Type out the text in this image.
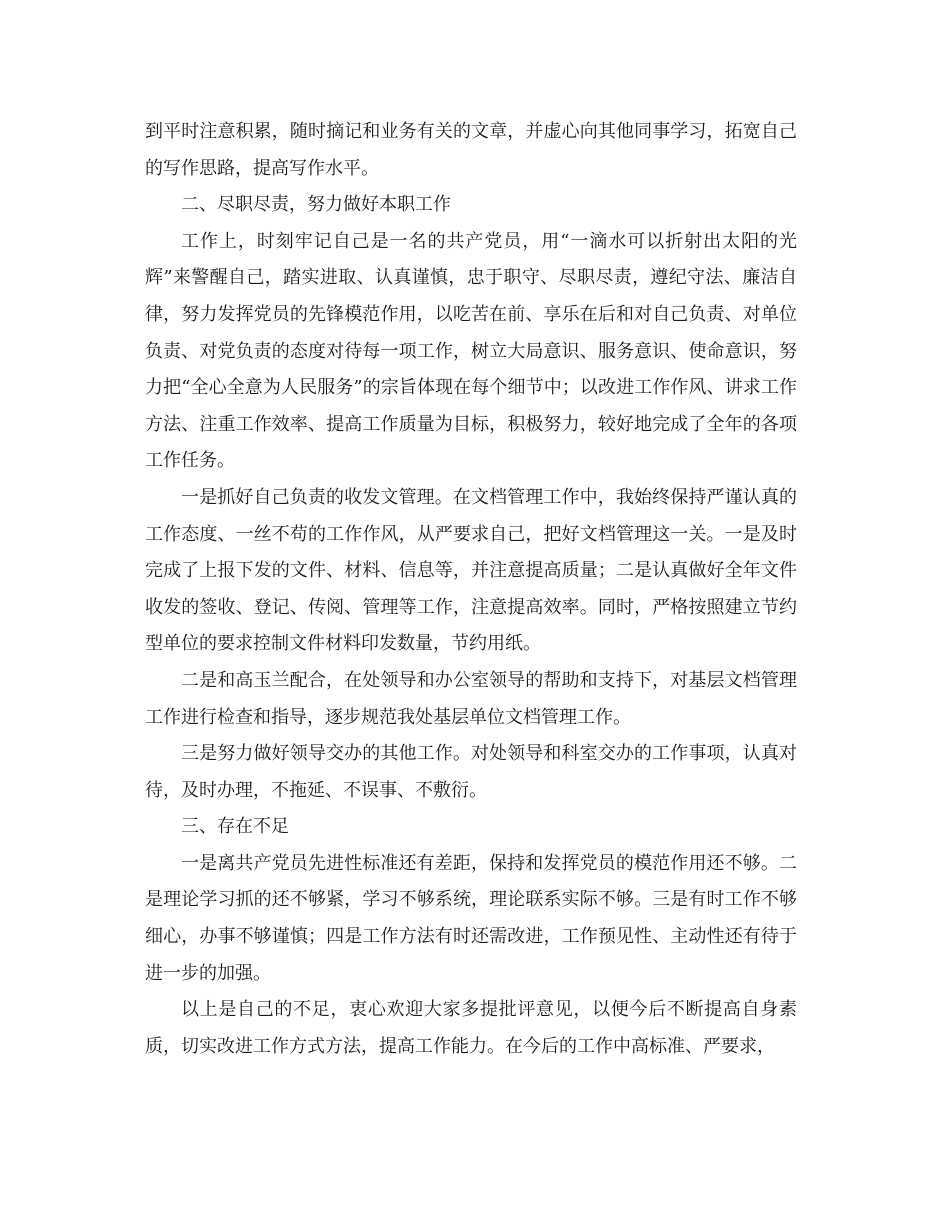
到平时注意积累，随时摘记和业务有关的文章，并虚心向其他同事学习，拓宽自己的写作思路，提高写作水平。

二、尽职尽责，努力做好本职工作

工作上，时刻牢记自己是一名的共产党员，用“一滴水可以折射出太阳的光辉”来警醒自己，踏实进取、认真谨慎，忠于职守、尽职尽责，遵纪守法、廉洁自律，努力发挥党员的先锋模范作用，以吃苦在前、享乐在后和对自己负责、对单位负责、对党负责的态度对待每一项工作，树立大局意识、服务意识、使命意识，努力把“全心全意为人民服务”的宗旨体现在每个细节中；以改进工作作风、讲求工作方法、注重工作效率、提高工作质量为目标，积极努力，较好地完成了全年的各项工作任务。

一是抓好自己负责的收发文管理。在文档管理工作中，我始终保持严谨认真的工作态度、一丝不苟的工作作风，从严要求自己，把好文档管理这一关。一是及时完成了上报下发的文件、材料、信息等，并注意提高质量；二是认真做好全年文件收发的签收、登记、传阅、管理等工作，注意提高效率。同时，严格按照建立节约型单位的要求控制文件材料印发数量，节约用纸。

二是和高玉兰配合，在处领导和办公室领导的帮助和支持下，对基层文档管理工作进行检查和指导，逐步规范我处基层单位文档管理工作。

三是努力做好领导交办的其他工作。对处领导和科室交办的工作事项，认真对待，及时办理，不拖延、不误事、不敷衍。

三、存在不足

一是离共产党员先进性标准还有差距，保持和发挥党员的模范作用还不够。二是理论学习抓的还不够紧，学习不够系统，理论联系实际不够。三是有时工作不够细心，办事不够谨慎；四是工作方法有时还需改进，工作预见性、主动性还有待于进一步的加强。

以上是自己的不足，衷心欢迎大家多提批评意见，以便今后不断提高自身素质，切实改进工作方式方法，提高工作能力。在今后的工作中高标准、严要求，
